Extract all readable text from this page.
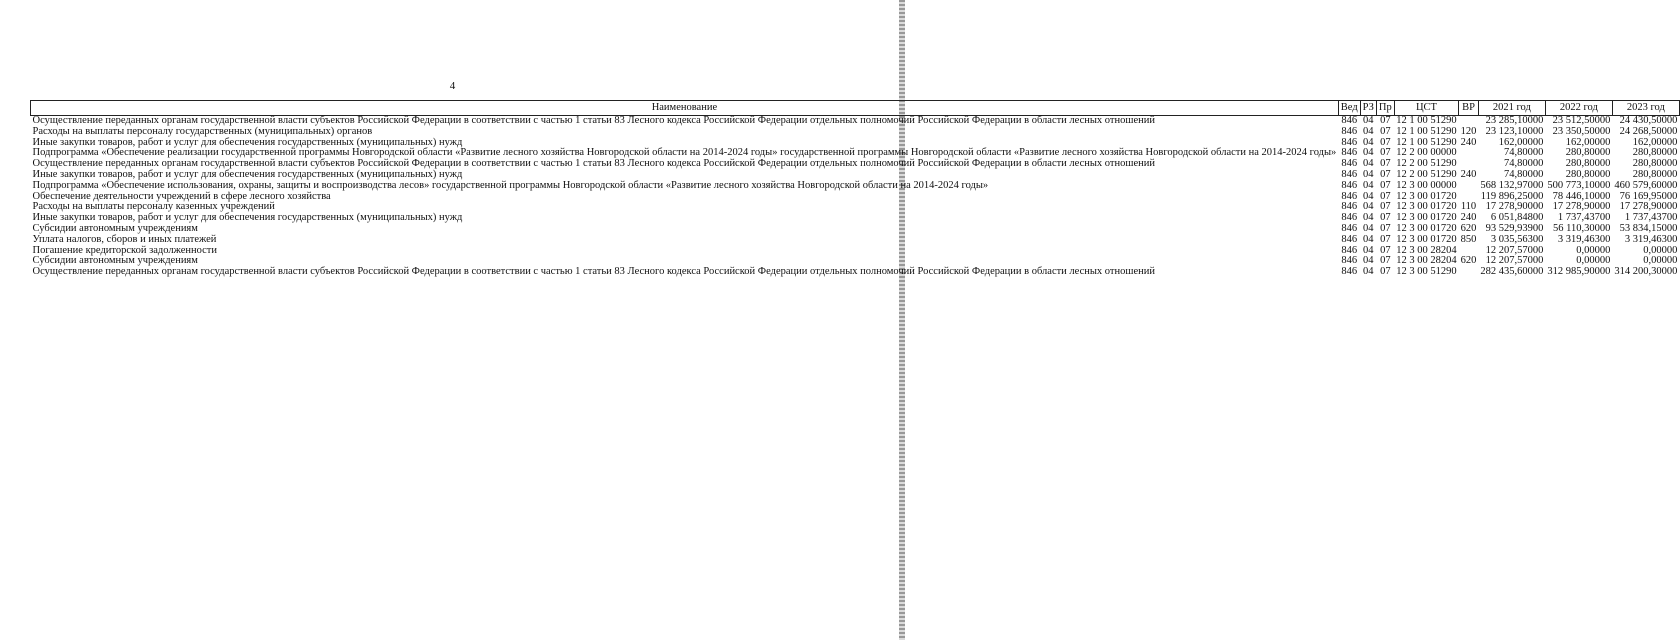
4
Наименование	Вед	РЗ	Пр	ЦСТ	ВР	2021 год	2022 год	2023 год
Осуществление переданных органам государственной власти субъектов Российской Федерации в соответствии с частью 1 статьи 83 Лесного кодекса Российской Федерации отдельных полномочий Российской Федерации в области лесных отношений	846	04	07	12 1 00 51290		23 285,10000	23 512,50000	24 430,50000
Расходы на выплаты персоналу государственных (муниципальных) органов	846	04	07	12 1 00 51290	120	23 123,10000	23 350,50000	24 268,50000
Иные закупки товаров, работ и услуг для обеспечения государственных (муниципальных) нужд	846	04	07	12 1 00 51290	240	162,00000	162,00000	162,00000
Подпрограмма «Обеспечение реализации государственной программы Новгородской области «Развитие лесного хозяйства Новгородской области на 2014-2024 годы» государственной программы Новгородской области «Развитие лесного хозяйства Новгородской области на 2014-2024 годы»	846	04	07	12 2 00 00000		74,80000	280,80000	280,80000
Осуществление переданных органам государственной власти субъектов Российской Федерации в соответствии с частью 1 статьи 83 Лесного кодекса Российской Федерации отдельных полномочий Российской Федерации в области лесных отношений	846	04	07	12 2 00 51290		74,80000	280,80000	280,80000
Иные закупки товаров, работ и услуг для обеспечения государственных (муниципальных) нужд	846	04	07	12 2 00 51290	240	74,80000	280,80000	280,80000
Подпрограмма «Обеспечение использования, охраны, защиты и воспроизводства лесов» государственной программы Новгородской области «Развитие лесного хозяйства Новгородской области на 2014-2024 годы»	846	04	07	12 3 00 00000		568 132,97000	500 773,10000	460 579,60000
Обеспечение деятельности учреждений в сфере лесного хозяйства	846	04	07	12 3 00 01720		119 896,25000	78 446,10000	76 169,95000
Расходы на выплаты персоналу казенных учреждений	846	04	07	12 3 00 01720	110	17 278,90000	17 278,90000	17 278,90000
Иные закупки товаров, работ и услуг для обеспечения государственных (муниципальных) нужд	846	04	07	12 3 00 01720	240	6 051,84800	1 737,43700	1 737,43700
Субсидии автономным учреждениям	846	04	07	12 3 00 01720	620	93 529,93900	56 110,30000	53 834,15000
Уплата налогов, сборов и иных платежей	846	04	07	12 3 00 01720	850	3 035,56300	3 319,46300	3 319,46300
Погашение кредиторской задолженности	846	04	07	12 3 00 28204		12 207,57000	0,00000	0,00000
Субсидии автономным учреждениям	846	04	07	12 3 00 28204	620	12 207,57000	0,00000	0,00000
Осуществление переданных органам государственной власти субъектов Российской Федерации в соответствии с частью 1 статьи 83 Лесного кодекса Российской Федерации отдельных полномочий Российской Федерации в области лесных отношений	846	04	07	12 3 00 51290		282 435,60000	312 985,90000	314 200,30000
